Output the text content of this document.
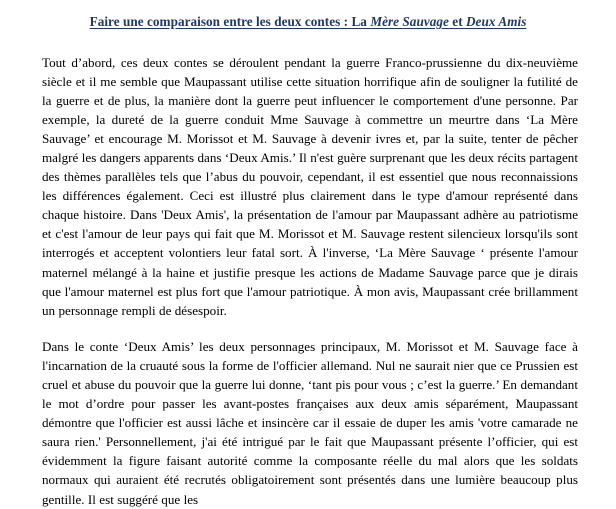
Faire une comparaison entre les deux contes : La Mère Sauvage et Deux Amis

Tout d’abord, ces deux contes se déroulent pendant la guerre Franco-prussienne du dix-neuvième siècle et il me semble que Maupassant utilise cette situation horrifique afin de souligner la futilité de la guerre et de plus, la manière dont la guerre peut influencer le comportement d'une personne. Par exemple, la dureté de la guerre conduit Mme Sauvage à commettre un meurtre dans ‘La Mère Sauvage’ et encourage M. Morissot et M. Sauvage à devenir ivres et, par la suite, tenter de pêcher malgré les dangers apparents dans ‘Deux Amis.’ Il n'est guère surprenant que les deux récits partagent des thèmes parallèles tels que l’abus du pouvoir, cependant, il est essentiel que nous reconnaissions les différences également. Ceci est illustré plus clairement dans le type d'amour représenté dans chaque histoire. Dans 'Deux Amis', la présentation de l'amour par Maupassant adhère au patriotisme et c'est l'amour de leur pays qui fait que M. Morissot et M. Sauvage restent silencieux lorsqu'ils sont interrogés et acceptent volontiers leur fatal sort. À l'inverse, ‘La Mère Sauvage ‘ présente l'amour maternel mélangé à la haine et justifie presque les actions de Madame Sauvage parce que je dirais que l'amour maternel est plus fort que l'amour patriotique. À mon avis, Maupassant crée brillamment un personnage rempli de désespoir.

Dans le conte ‘Deux Amis’ les deux personnages principaux, M. Morissot et M. Sauvage face à l'incarnation de la cruauté sous la forme de l'officier allemand. Nul ne saurait nier que ce Prussien est cruel et abuse du pouvoir que la guerre lui donne, ‘tant pis pour vous ; c’est la guerre.’ En demandant le mot d’ordre pour passer les avant-postes françaises aux deux amis séparément, Maupassant démontre que l'officier est aussi lâche et insincère car il essaie de duper les amis 'votre camarade ne saura rien.' Personnellement, j'ai été intrigué par le fait que Maupassant présente l’officier, qui est évidemment la figure faisant autorité comme la composante réelle du mal alors que les soldats normaux qui auraient été recrutés obligatoirement sont présentés dans une lumière beaucoup plus gentille. Il est suggéré que les
